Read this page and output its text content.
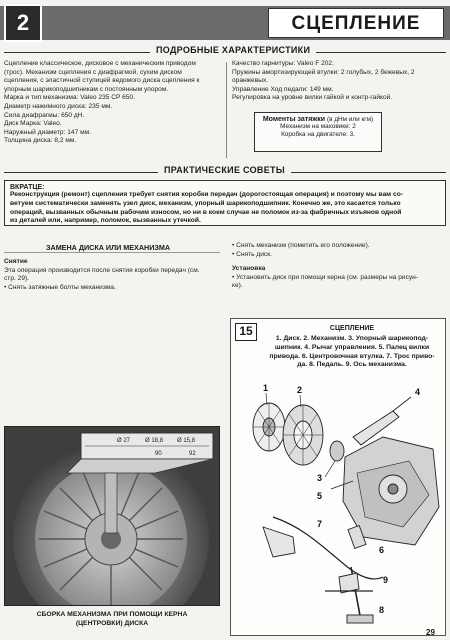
2	СЦЕПЛЕНИЕ
ПОДРОБНЫЕ ХАРАКТЕРИСТИКИ

Сцепление классическое, дисковое с механическим приводом

(трос). Механизм сцепления с диафрагмой, сухим диском

сцепления, с эластичной ступицей ведомого диска сцепления к

упорным шарикоподшипникам с постоянным упором.

Марка и тип механизма: Valeo 235 CP 650.

Диаметр нажимного диска: 235 мм.

Сила диафрагмы: 650 дН.

Диск Марка: Valeo.

Наружный диаметр: 147 мм.

Толщина диска: 8,2 мм.

Качество гарнитуры: Valeo F 202.

Пружины амортизирующей втулки: 2 голубых, 2 бежевых, 2

оранжевых.

Управление Ход педали: 149 мм.

Регулировка на уровне вилки гайкой и контр-гайкой.

Моменты затяжки (в дНм или кгм)
Механизм на маховике: 2
Коробка на двигателе: 3.
ПРАКТИЧЕСКИЕ СОВЕТЫ
ВКРАТЦЕ:
Реконструкция (ремонт) сцепления требует снятия коробки передач (дорогостоящая операция) и поэтому мы вам со-
ветуем систематически заменять узел диск, механизм, упорный шарикоподшипник. Конечно же, это касается только
операций, вызванных обычным рабочим износом, но ни в коем случае не поломок из-за фабричных изъянов одной
из деталей или, например, поломок, вызванных утечкой.
ЗАМЕНА ДИСКА ИЛИ МЕХАНИЗМА

Снятие

Эта операция производится после снятия коробки передач (см.

стр. 29).

• Снять затяжные болты механизма.

• Снять механизм (пометить его положение).

• Снять диск.

Установка

• Установить диск при помощи кернa (см. размеры на рисун-

ке).

Ø 27 Ø 18,8 Ø 15,8
90	92
СБОРКА МЕХАНИЗМА ПРИ ПОМОЩИ КЕРНА
(ЦЕНТРОВКИ) ДИСКА
15	СЦЕПЛЕНИЕ
1. Диск. 2. Механизм. 3. Упорный шарикопод-
шипник. 4. Рычаг управления. 5. Палец вилки
привода. 6. Центровочная втулка. 7. Трос приво-
да. 8. Педаль. 9. Ось механизма.
1	2
3
4
5
6
7
8
9
29
